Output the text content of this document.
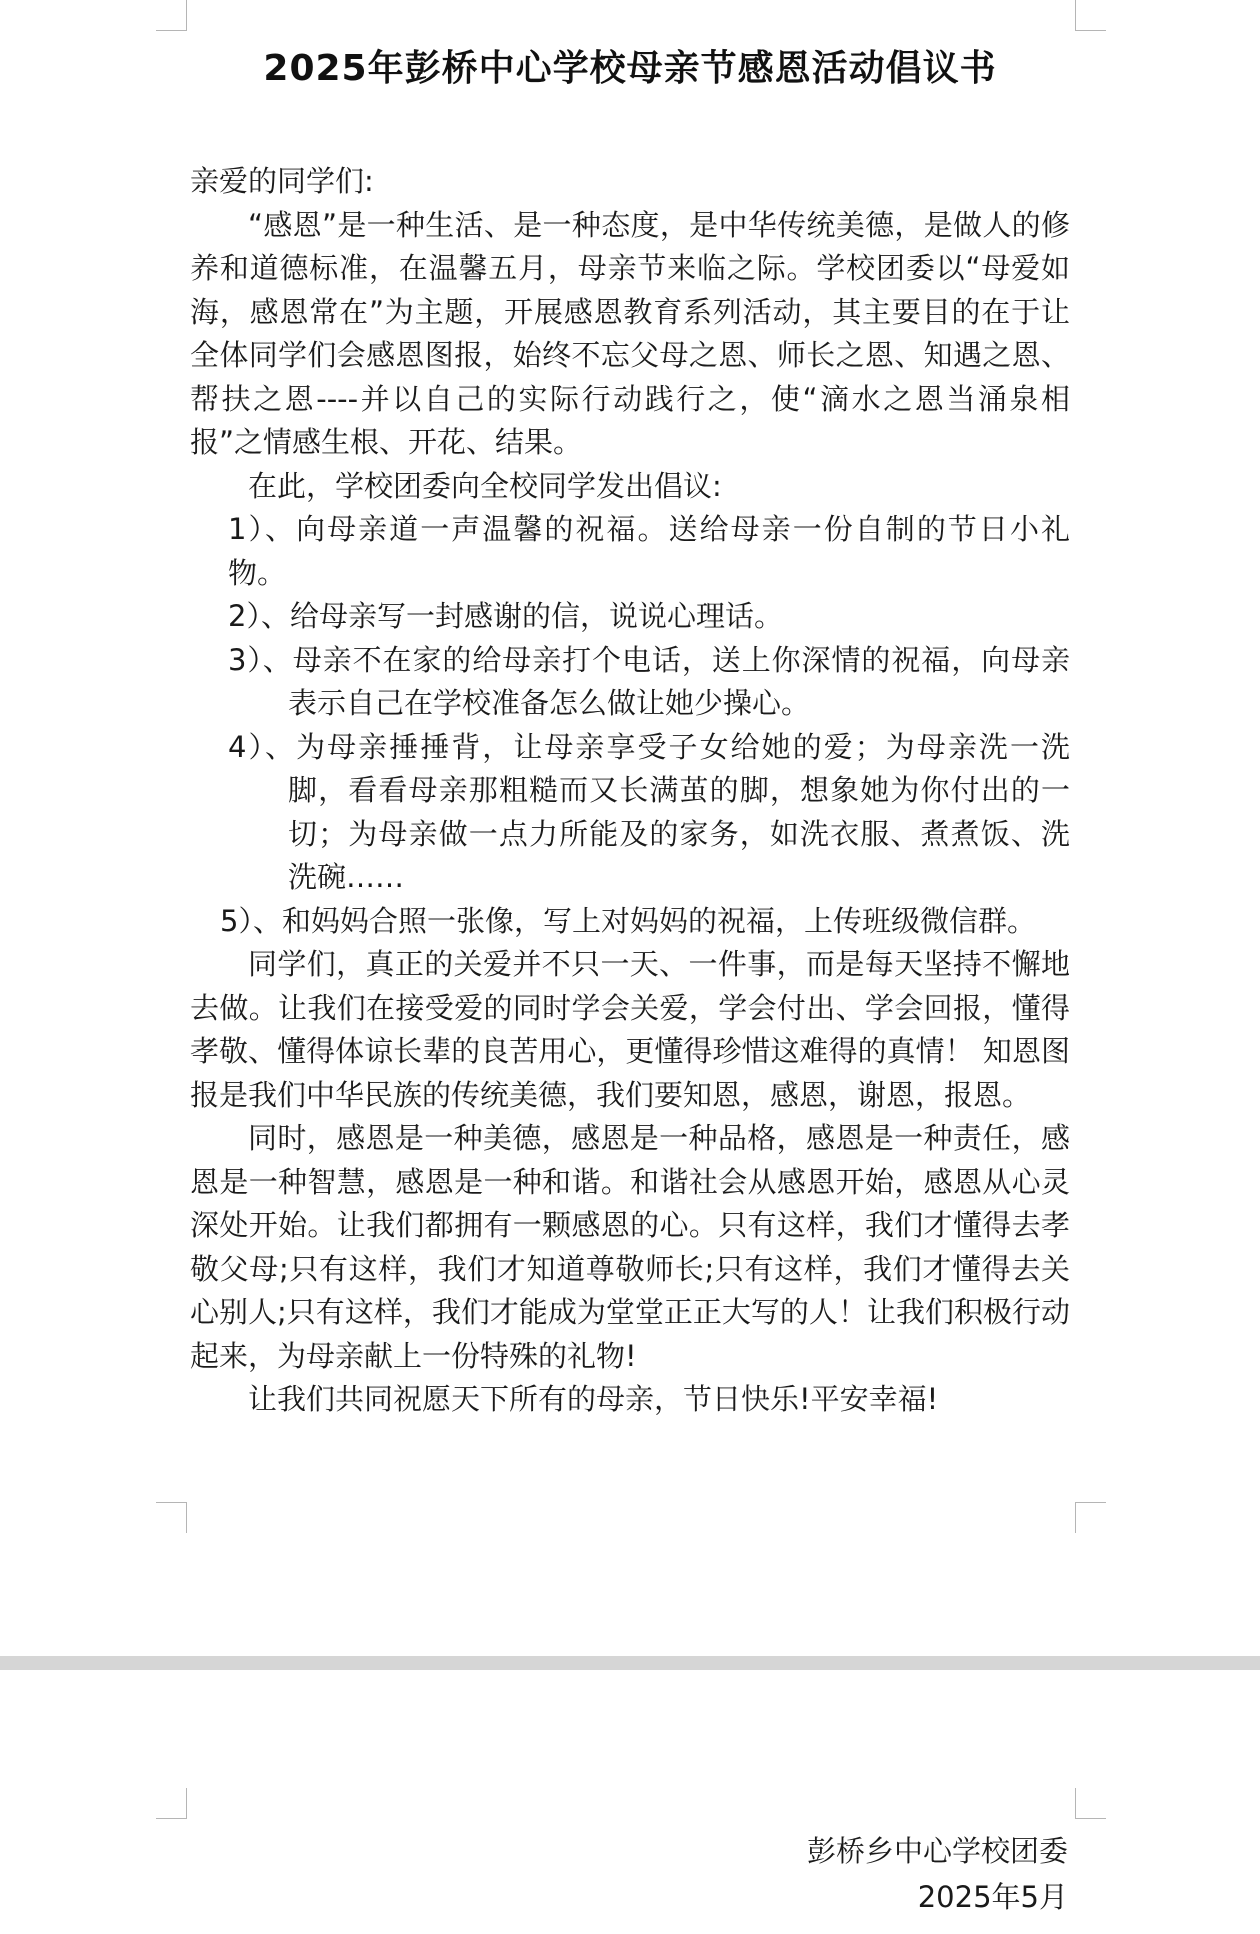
2025年彭桥中心学校母亲节感恩活动倡议书

亲爱的同学们:

“感恩”是一种生活、是一种态度，是中华传统美德，是做人的修养和道德标准，在温馨五月，母亲节来临之际。学校团委以“母爱如海，感恩常在”为主题，开展感恩教育系列活动，其主要目的在于让全体同学们会感恩图报，始终不忘父母之恩、师长之恩、知遇之恩、帮扶之恩----并以自己的实际行动践行之，使“滴水之恩当涌泉相报”之情感生根、开花、结果。

在此，学校团委向全校同学发出倡议:

1）、向母亲道一声温馨的祝福。送给母亲一份自制的节日小礼物。

2）、给母亲写一封感谢的信，说说心理话。

3）、母亲不在家的给母亲打个电话，送上你深情的祝福，向母亲表示自己在学校准备怎么做让她少操心。

4）、为母亲捶捶背，让母亲享受子女给她的爱；为母亲洗一洗脚，看看母亲那粗糙而又长满茧的脚，想象她为你付出的一切；为母亲做一点力所能及的家务，如洗衣服、煮煮饭、洗洗碗……

5）、和妈妈合照一张像，写上对妈妈的祝福，上传班级微信群。

同学们，真正的关爱并不只一天、一件事，而是每天坚持不懈地去做。让我们在接受爱的同时学会关爱，学会付出、学会回报，懂得孝敬、懂得体谅长辈的良苦用心，更懂得珍惜这难得的真情！ 知恩图报是我们中华民族的传统美德，我们要知恩，感恩，谢恩，报恩。

同时，感恩是一种美德，感恩是一种品格，感恩是一种责任，感恩是一种智慧，感恩是一种和谐。和谐社会从感恩开始，感恩从心灵深处开始。让我们都拥有一颗感恩的心。只有这样，我们才懂得去孝敬父母;只有这样，我们才知道尊敬师长;只有这样，我们才懂得去关心别人;只有这样，我们才能成为堂堂正正大写的人！让我们积极行动起来，为母亲献上一份特殊的礼物!

让我们共同祝愿天下所有的母亲，节日快乐!平安幸福!

彭桥乡中心学校团委
2025年5月
